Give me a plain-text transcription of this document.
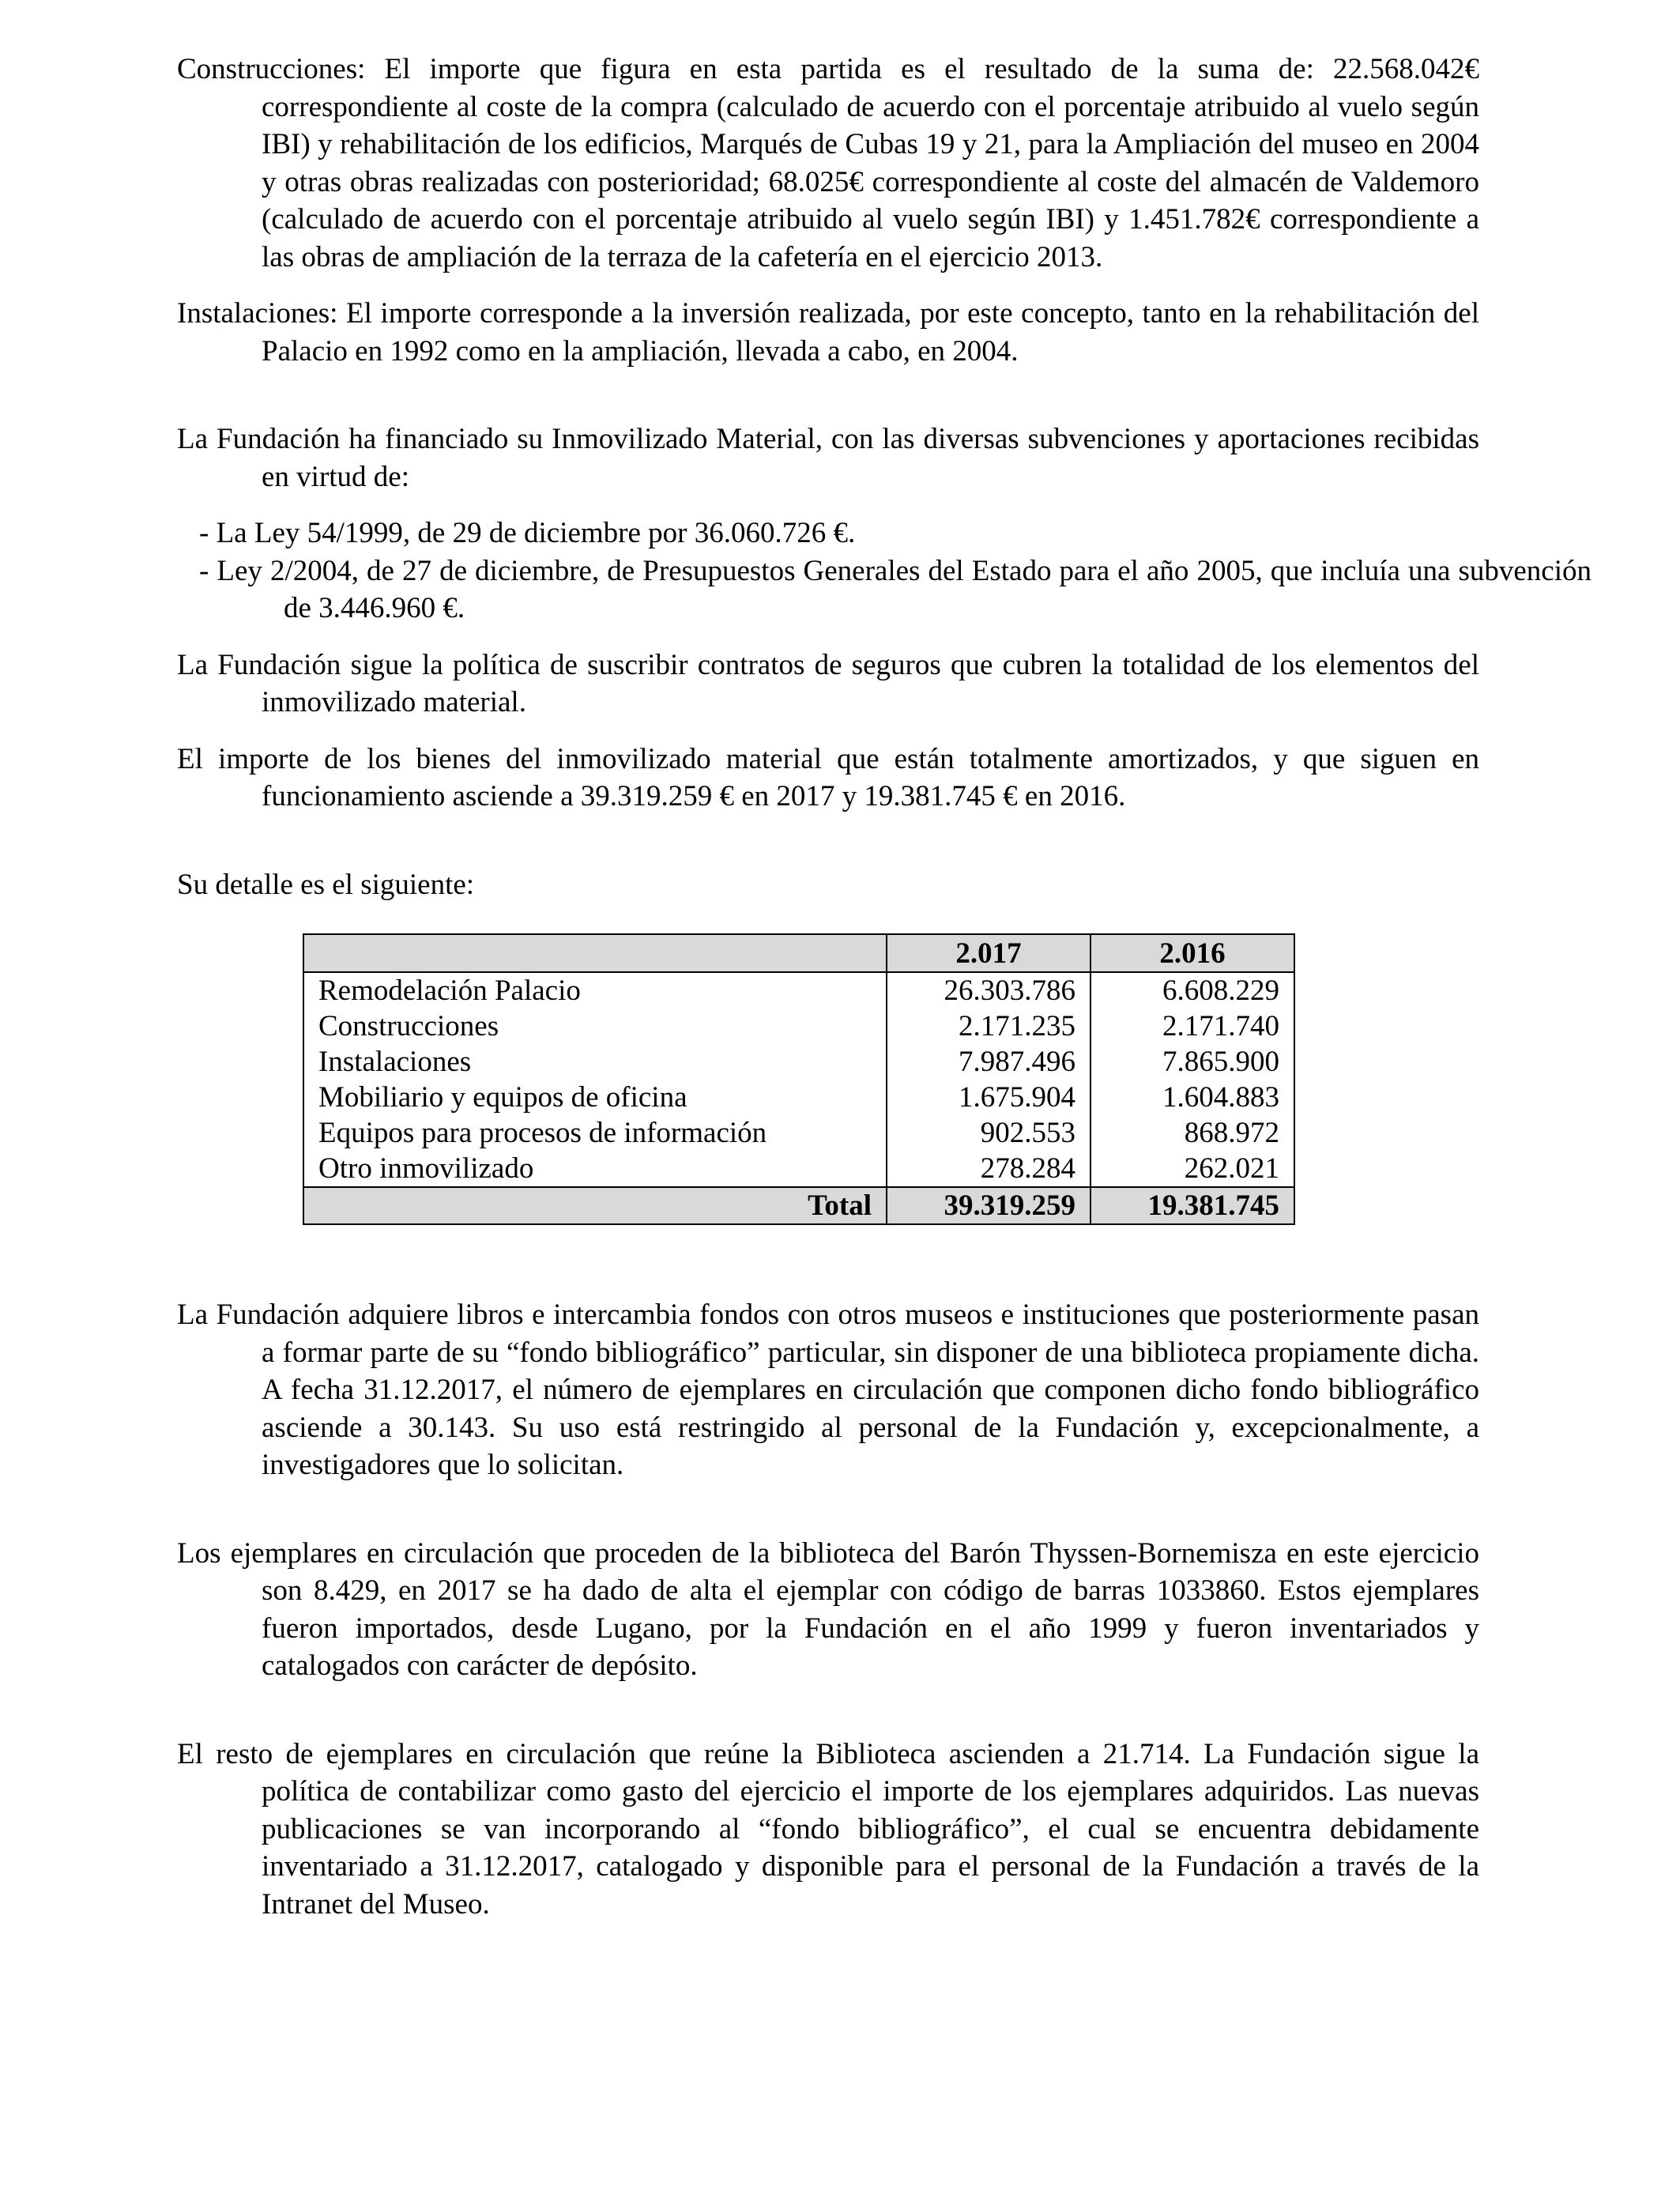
Construcciones: El importe que figura en esta partida es el resultado de la suma de: 22.568.042€ correspondiente al coste de la compra (calculado de acuerdo con el porcentaje atribuido al vuelo según IBI) y rehabilitación de los edificios, Marqués de Cubas 19 y 21, para la Ampliación del museo en 2004 y otras obras realizadas con posterioridad; 68.025€ correspondiente al coste del almacén de Valdemoro (calculado de acuerdo con el porcentaje atribuido al vuelo según IBI) y 1.451.782€ correspondiente a las obras de ampliación de la terraza de la cafetería en el ejercicio 2013.

Instalaciones: El importe corresponde a la inversión realizada, por este concepto, tanto en la rehabilitación del Palacio en 1992 como en la ampliación, llevada a cabo, en 2004.

La Fundación ha financiado su Inmovilizado Material, con las diversas subvenciones y aportaciones recibidas en virtud de:

- La Ley 54/1999, de 29 de diciembre por 36.060.726 €.

- Ley 2/2004, de 27 de diciembre, de Presupuestos Generales del Estado para el año 2005, que incluía una subvención de 3.446.960 €.

La Fundación sigue la política de suscribir contratos de seguros que cubren la totalidad de los elementos del inmovilizado material.

El importe de los bienes del inmovilizado material que están totalmente amortizados, y que siguen en funcionamiento asciende a 39.319.259 € en 2017 y 19.381.745 € en 2016.

Su detalle es el siguiente:

	2.017	2.016
Remodelación Palacio	26.303.786	6.608.229
Construcciones	2.171.235	2.171.740
Instalaciones	7.987.496	7.865.900
Mobiliario y equipos de oficina	1.675.904	1.604.883
Equipos para procesos de información	902.553	868.972
Otro inmovilizado	278.284	262.021
Total	39.319.259	19.381.745

La Fundación adquiere libros e intercambia fondos con otros museos e instituciones que posteriormente pasan a formar parte de su “fondo bibliográfico” particular, sin disponer de una biblioteca propiamente dicha. A fecha 31.12.2017, el número de ejemplares en circulación que componen dicho fondo bibliográfico asciende a 30.143. Su uso está restringido al personal de la Fundación y, excepcionalmente, a investigadores que lo solicitan.

Los ejemplares en circulación que proceden de la biblioteca del Barón Thyssen-Bornemisza en este ejercicio son 8.429, en 2017 se ha dado de alta el ejemplar con código de barras 1033860. Estos ejemplares fueron importados, desde Lugano, por la Fundación en el año 1999 y fueron inventariados y catalogados con carácter de depósito.

El resto de ejemplares en circulación que reúne la Biblioteca ascienden a 21.714. La Fundación sigue la política de contabilizar como gasto del ejercicio el importe de los ejemplares adquiridos. Las nuevas publicaciones se van incorporando al “fondo bibliográfico”, el cual se encuentra debidamente inventariado a 31.12.2017, catalogado y disponible para el personal de la Fundación a través de la Intranet del Museo.
